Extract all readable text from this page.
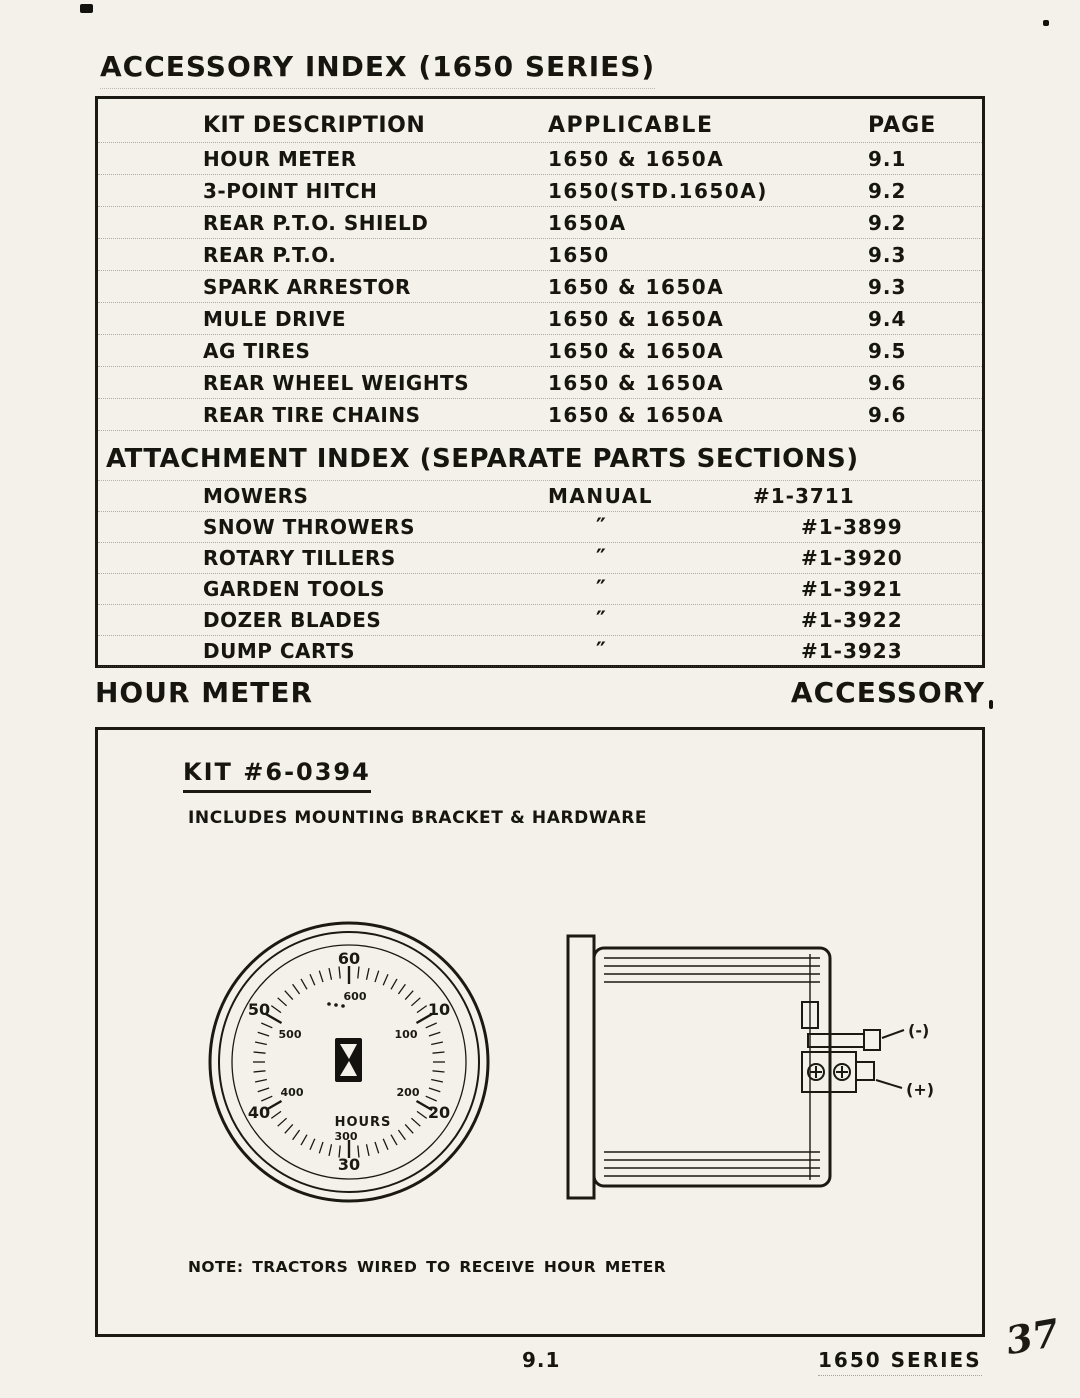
ACCESSORY INDEX (1650 SERIES)
KIT DESCRIPTION	APPLICABLE	PAGE
HOUR METER	1650 & 1650A	9.1
3-POINT HITCH	1650(STD.1650A)	9.2
REAR P.T.O. SHIELD	1650A	9.2
REAR P.T.O.	1650	9.3
SPARK ARRESTOR	1650 & 1650A	9.3
MULE DRIVE	1650 & 1650A	9.4
AG TIRES	1650 & 1650A	9.5
REAR WHEEL WEIGHTS	1650 & 1650A	9.6
REAR TIRE CHAINS	1650 & 1650A	9.6
ATTACHMENT INDEX (SEPARATE PARTS SECTIONS)
MOWERS	MANUAL	#1-3711
SNOW THROWERS	″	#1-3899
ROTARY TILLERS	″	#1-3920
GARDEN TOOLS	″	#1-3921
DOZER BLADES	″	#1-3922
DUMP CARTS	″	#1-3923
HOUR METER	ACCESSORY
KIT #6-0394
INCLUDES MOUNTING BRACKET & HARDWARE
60
10
20
30
40
50
600
100
200
300
400
500
HOURS
(-)
(+)
NOTE: TRACTORS WIRED TO RECEIVE HOUR METER
9.1	1650 SERIES 37
